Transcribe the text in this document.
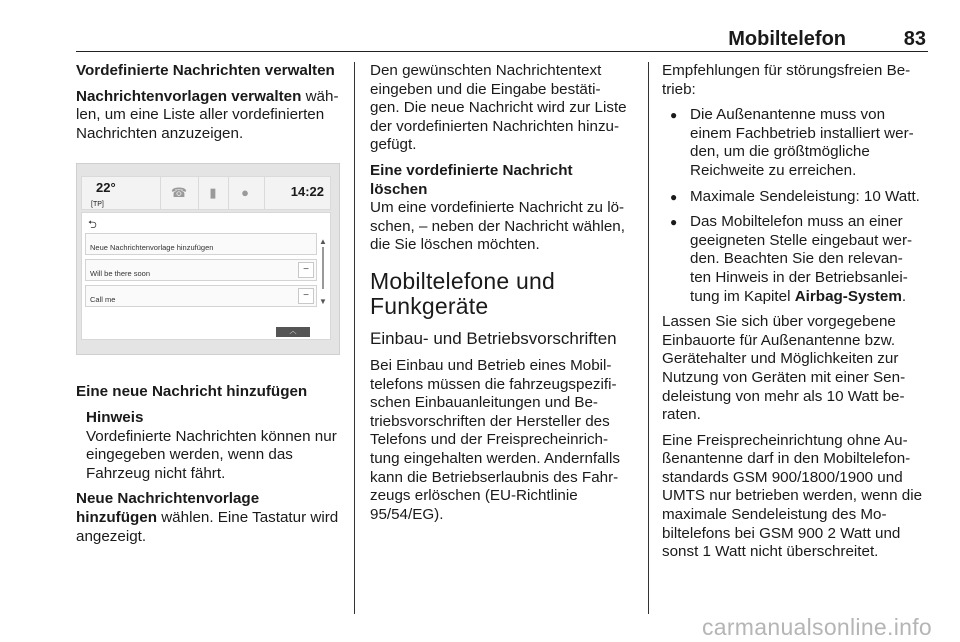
Mobiltelefon	83

Vordefinierte Nachrichten verwalten

Nachrichtenvorlagen verwalten wäh- len, um eine Liste aller vordefinierten Nachrichten anzuzeigen.

22°
[TP]
☎	▮	●	14:22
⮌
Neue Nachrichtenvorlage hinzufügen
Will be there soon	−
Call me	−
▲
▼
︿

Eine neue Nachricht hinzufügen

Hinweis

Vordefinierte Nachrichten können nur eingegeben werden, wenn das Fahrzeug nicht fährt.

Neue Nachrichtenvorlage hinzufügen wählen. Eine Tastatur wird angezeigt.

Den gewünschten Nachrichtentext eingeben und die Eingabe bestäti- gen. Die neue Nachricht wird zur Liste der vordefinierten Nachrichten hinzu- gefügt.

Eine vordefinierte Nachricht löschen

Um eine vordefinierte Nachricht zu lö- schen, – neben der Nachricht wählen, die Sie löschen möchten.

Mobiltelefone und Funkgeräte
Einbau- und Betriebsvorschriften

Bei Einbau und Betrieb eines Mobil- telefons müssen die fahrzeugspezifi- schen Einbauanleitungen und Be- triebsvorschriften der Hersteller des Telefons und der Freisprecheinrich- tung eingehalten werden. Andernfalls kann die Betriebserlaubnis des Fahr- zeugs erlöschen (EU-Richtlinie 95/54/EG).

Empfehlungen für störungsfreien Be- trieb:

● Die Außenantenne muss von einem Fachbetrieb installiert wer- den, um die größtmögliche Reichweite zu erreichen.
● Maximale Sendeleistung: 10 Watt.
● Das Mobiltelefon muss an einer geeigneten Stelle eingebaut wer- den. Beachten Sie den relevan- ten Hinweis in der Betriebsanlei- tung im Kapitel Airbag-System.

Lassen Sie sich über vorgegebene Einbauorte für Außenantenne bzw. Gerätehalter und Möglichkeiten zur Nutzung von Geräten mit einer Sen- deleistung von mehr als 10 Watt be- raten.

Eine Freisprecheinrichtung ohne Au- ßenantenne darf in den Mobiltelefon- standards GSM 900/1800/1900 und UMTS nur betrieben werden, wenn die maximale Sendeleistung des Mo- biltelefons bei GSM 900 2 Watt und sonst 1 Watt nicht überschreitet.

carmanualsonline.info
